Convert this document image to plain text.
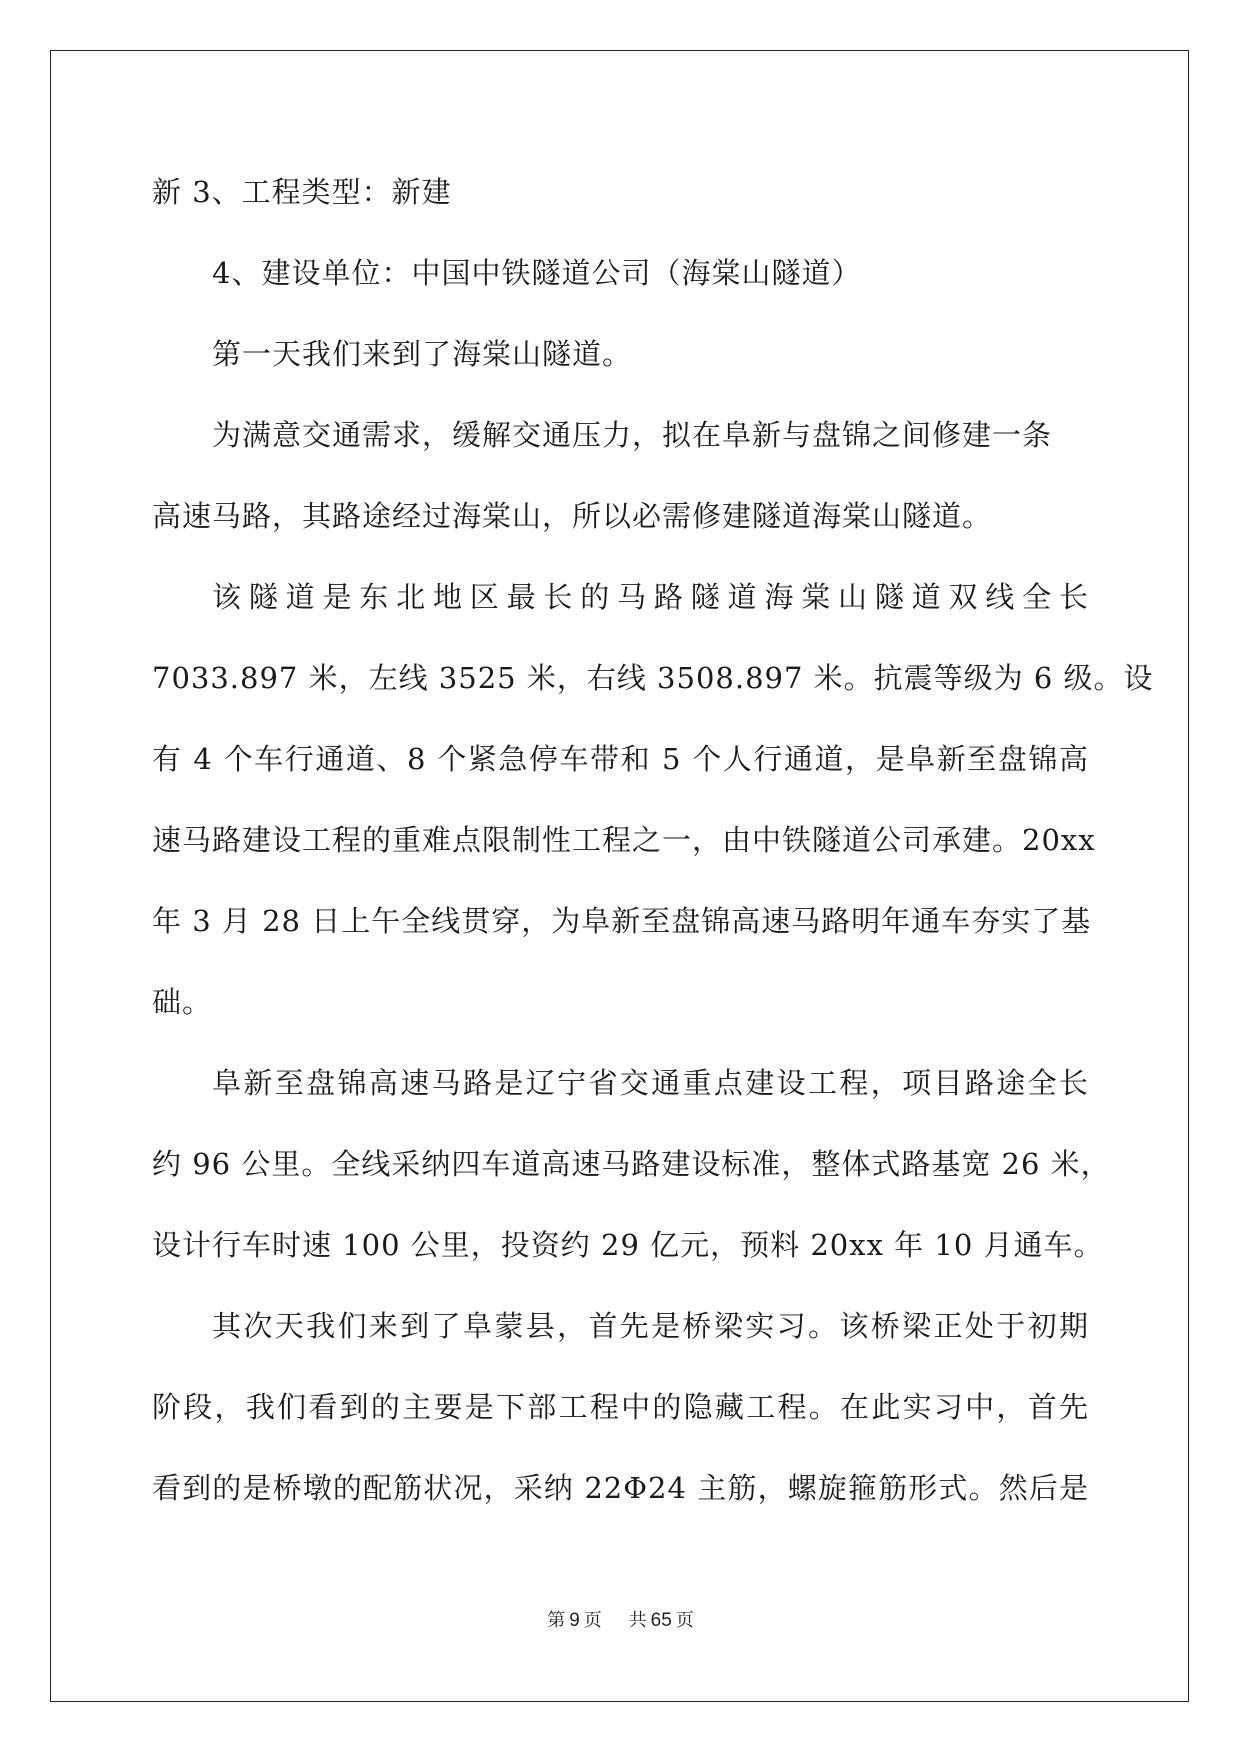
新 3、工程类型：新建
4、建设单位：中国中铁隧道公司（海棠山隧道）
第一天我们来到了海棠山隧道。
为满意交通需求，缓解交通压力，拟在阜新与盘锦之间修建一条
高速马路，其路途经过海棠山，所以必需修建隧道海棠山隧道。
该隧道是东北地区最长的马路隧道海棠山隧道双线全长
7033.897 米，左线 3525 米，右线 3508.897 米。抗震等级为 6 级。设
有 4 个车行通道、8 个紧急停车带和 5 个人行通道，是阜新至盘锦高
速马路建设工程的重难点限制性工程之一，由中铁隧道公司承建。20xx
年 3 月 28 日上午全线贯穿，为阜新至盘锦高速马路明年通车夯实了基
础。
阜新至盘锦高速马路是辽宁省交通重点建设工程，项目路途全长
约 96 公里。全线采纳四车道高速马路建设标准，整体式路基宽 26 米，
设计行车时速 100 公里，投资约 29 亿元，预料 20xx 年 10 月通车。
其次天我们来到了阜蒙县，首先是桥梁实习。该桥梁正处于初期
阶段，我们看到的主要是下部工程中的隐藏工程。在此实习中，首先
看到的是桥墩的配筋状况，采纳 22Φ24 主筋，螺旋箍筋形式。然后是
第 9 页 共 65 页
